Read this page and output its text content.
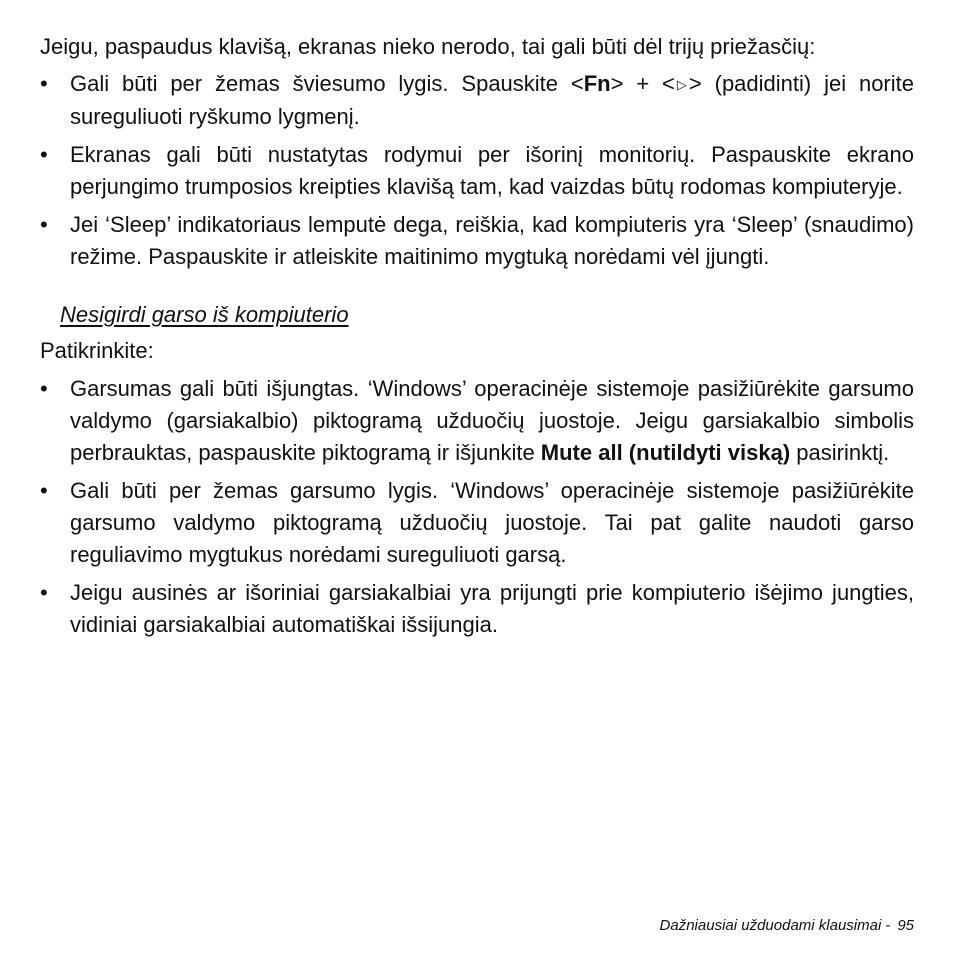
Jeigu, paspaudus klavišą, ekranas nieko nerodo, tai gali būti dėl trijų priežasčių:

• Gali būti per žemas šviesumo lygis. Spauskite <Fn> + < ▷> (padidinti) jei norite sureguliuoti ryškumo lygmenį.
• Ekranas gali būti nustatytas rodymui per išorinį monitorių. Paspauskite ekrano perjungimo trumposios kreipties klavišą tam, kad vaizdas būtų rodomas kompiuteryje.
• Jei ‘Sleep’ indikatoriaus lemputė dega, reiškia, kad kompiuteris yra ‘Sleep’ (snaudimo) režime. Paspauskite ir atleiskite maitinimo mygtuką norėdami vėl įjungti.

Nesigirdi garso iš kompiuterio

Patikrinkite:

• Garsumas gali būti išjungtas. ‘Windows’ operacinėje sistemoje pasižiūrėkite garsumo valdymo (garsiakalbio) piktogramą užduočių juostoje. Jeigu garsiakalbio simbolis perbrauktas, paspauskite piktogramą ir išjunkite Mute all (nutildyti viską) pasirinktį.
• Gali būti per žemas garsumo lygis. ‘Windows’ operacinėje sistemoje pasižiūrėkite garsumo valdymo piktogramą užduočių juostoje. Tai pat galite naudoti garso reguliavimo mygtukus norėdami sureguliuoti garsą.
• Jeigu ausinės ar išoriniai garsiakalbiai yra prijungti prie kompiuterio išėjimo jungties, vidiniai garsiakalbiai automatiškai išsijungia.
Dažniausiai užduodami klausimai - 95
